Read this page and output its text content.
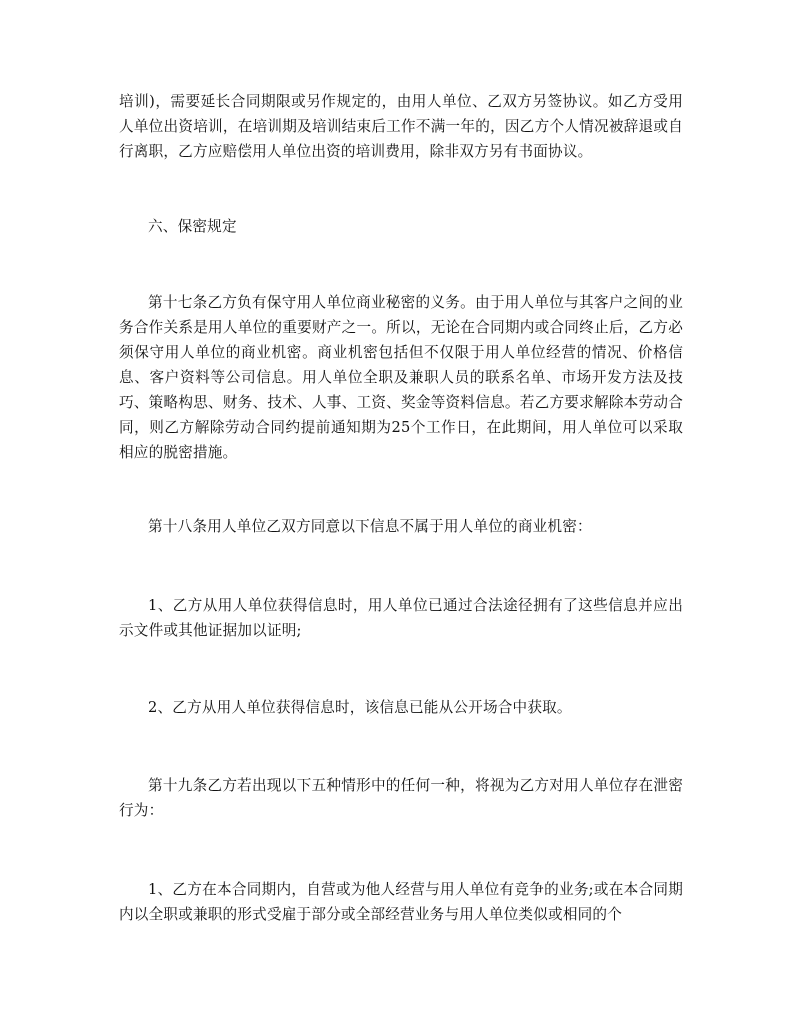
培训)，需要延长合同期限或另作规定的，由用人单位、乙双方另签协议。如乙方受用人单位出资培训，在培训期及培训结束后工作不满一年的，因乙方个人情况被辞退或自行离职，乙方应赔偿用人单位出资的培训费用，除非双方另有书面协议。

六、保密规定

第十七条乙方负有保守用人单位商业秘密的义务。由于用人单位与其客户之间的业务合作关系是用人单位的重要财产之一。所以，无论在合同期内或合同终止后，乙方必须保守用人单位的商业机密。商业机密包括但不仅限于用人单位经营的情况、价格信息、客户资料等公司信息。用人单位全职及兼职人员的联系名单、市场开发方法及技巧、策略构思、财务、技术、人事、工资、奖金等资料信息。若乙方要求解除本劳动合同，则乙方解除劳动合同约提前通知期为25个工作日，在此期间，用人单位可以采取相应的脱密措施。

第十八条用人单位乙双方同意以下信息不属于用人单位的商业机密：

1、乙方从用人单位获得信息时，用人单位已通过合法途径拥有了这些信息并应出示文件或其他证据加以证明;

2、乙方从用人单位获得信息时，该信息已能从公开场合中获取。

第十九条乙方若出现以下五种情形中的任何一种，将视为乙方对用人单位存在泄密行为：

1、乙方在本合同期内，自营或为他人经营与用人单位有竞争的业务;或在本合同期内以全职或兼职的形式受雇于部分或全部经营业务与用人单位类似或相同的个
